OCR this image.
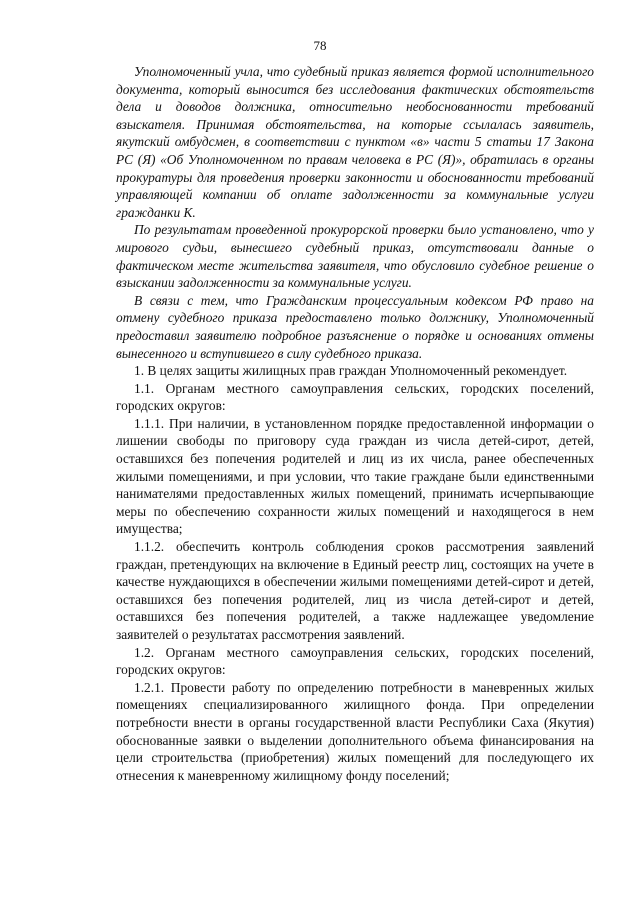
78

Уполномоченный учла, что судебный приказ является формой исполнительного документа, который выносится без исследования фактических обстоятельств дела и доводов должника, относительно необоснованности требований взыскателя. Принимая обстоятельства, на которые ссылалась заявитель, якутский омбудсмен, в соответствии с пунктом «в» части 5 статьи 17 Закона РС (Я) «Об Уполномоченном по правам человека в РС (Я)», обратилась в органы прокуратуры для проведения проверки законности и обоснованности требований управляющей компании об оплате задолженности за коммунальные услуги гражданки К.

По результатам проведенной прокурорской проверки было установлено, что у мирового судьи, вынесшего судебный приказ, отсутствовали данные о фактическом месте жительства заявителя, что обусловило судебное решение о взыскании задолженности за коммунальные услуги.

В связи с тем, что Гражданским процессуальным кодексом РФ право на отмену судебного приказа предоставлено только должнику, Уполномоченный предоставил заявителю подробное разъяснение о порядке и основаниях отмены вынесенного и вступившего в силу судебного приказа.

1. В целях защиты жилищных прав граждан Уполномоченный рекомендует.

1.1. Органам местного самоуправления сельских, городских поселений, городских округов:

1.1.1. При наличии, в установленном порядке предоставленной информации о лишении свободы по приговору суда граждан из числа детей-сирот, детей, оставшихся без попечения родителей и лиц из их числа, ранее обеспеченных жилыми помещениями, и при условии, что такие граждане были единственными нанимателями предоставленных жилых помещений, принимать исчерпывающие меры по обеспечению сохранности жилых помещений и находящегося в нем имущества;

1.1.2. обеспечить контроль соблюдения сроков рассмотрения заявлений граждан, претендующих на включение в Единый реестр лиц, состоящих на учете в качестве нуждающихся в обеспечении жилыми помещениями детей-сирот и детей, оставшихся без попечения родителей, лиц из числа детей-сирот и детей, оставшихся без попечения родителей, а также надлежащее уведомление заявителей о результатах рассмотрения заявлений.

1.2. Органам местного самоуправления сельских, городских поселений, городских округов:

1.2.1. Провести работу по определению потребности в маневренных жилых помещениях специализированного жилищного фонда. При определении потребности внести в органы государственной власти Республики Саха (Якутия) обоснованные заявки о выделении дополнительного объема финансирования на цели строительства (приобретения) жилых помещений для последующего их отнесения к маневренному жилищному фонду поселений;
